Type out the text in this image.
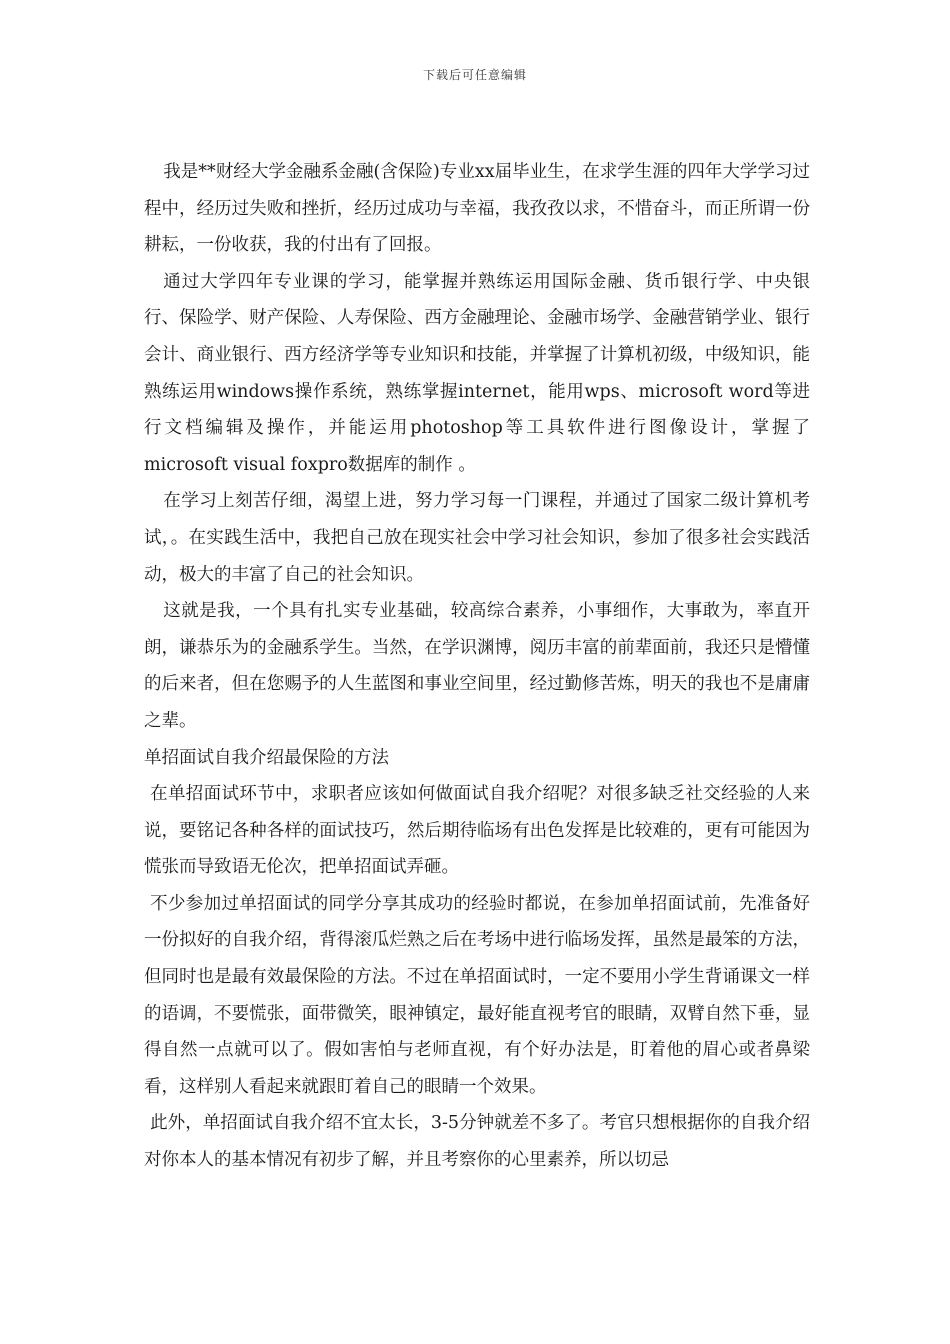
下载后可任意编辑

我是**财经大学金融系金融(含保险)专业xx届毕业生，在求学生涯的四年大学学习过程中，经历过失败和挫折，经历过成功与幸福，我孜孜以求，不惜奋斗，而正所谓一份耕耘，一份收获，我的付出有了回报。

通过大学四年专业课的学习，能掌握并熟练运用国际金融、货币银行学、中央银行、保险学、财产保险、人寿保险、西方金融理论、金融市场学、金融营销学业、银行会计、商业银行、西方经济学等专业知识和技能，并掌握了计算机初级，中级知识，能熟练运用windows操作系统，熟练掌握internet，能用wps、microsoft word等进行文档编辑及操作，并能运用photoshop等工具软件进行图像设计，掌握了microsoft visual foxpro数据库的制作 。

在学习上刻苦仔细，渴望上进，努力学习每一门课程，并通过了国家二级计算机考试，。在实践生活中，我把自己放在现实社会中学习社会知识，参加了很多社会实践活动，极大的丰富了自己的社会知识。

这就是我，一个具有扎实专业基础，较高综合素养，小事细作，大事敢为，率直开朗，谦恭乐为的金融系学生。当然，在学识渊博，阅历丰富的前辈面前，我还只是懵懂的后来者，但在您赐予的人生蓝图和事业空间里，经过勤修苦炼，明天的我也不是庸庸之辈。

单招面试自我介绍最保险的方法

在单招面试环节中，求职者应该如何做面试自我介绍呢？对很多缺乏社交经验的人来说，要铭记各种各样的面试技巧，然后期待临场有出色发挥是比较难的，更有可能因为慌张而导致语无伦次，把单招面试弄砸。

不少参加过单招面试的同学分享其成功的经验时都说，在参加单招面试前，先准备好一份拟好的自我介绍，背得滚瓜烂熟之后在考场中进行临场发挥，虽然是最笨的方法，但同时也是最有效最保险的方法。不过在单招面试时，一定不要用小学生背诵课文一样的语调，不要慌张，面带微笑，眼神镇定，最好能直视考官的眼睛，双臂自然下垂，显得自然一点就可以了。假如害怕与老师直视，有个好办法是，盯着他的眉心或者鼻梁看，这样别人看起来就跟盯着自己的眼睛一个效果。

此外，单招面试自我介绍不宜太长，3-5分钟就差不多了。考官只想根据你的自我介绍对你本人的基本情况有初步了解，并且考察你的心里素养，所以切忌
